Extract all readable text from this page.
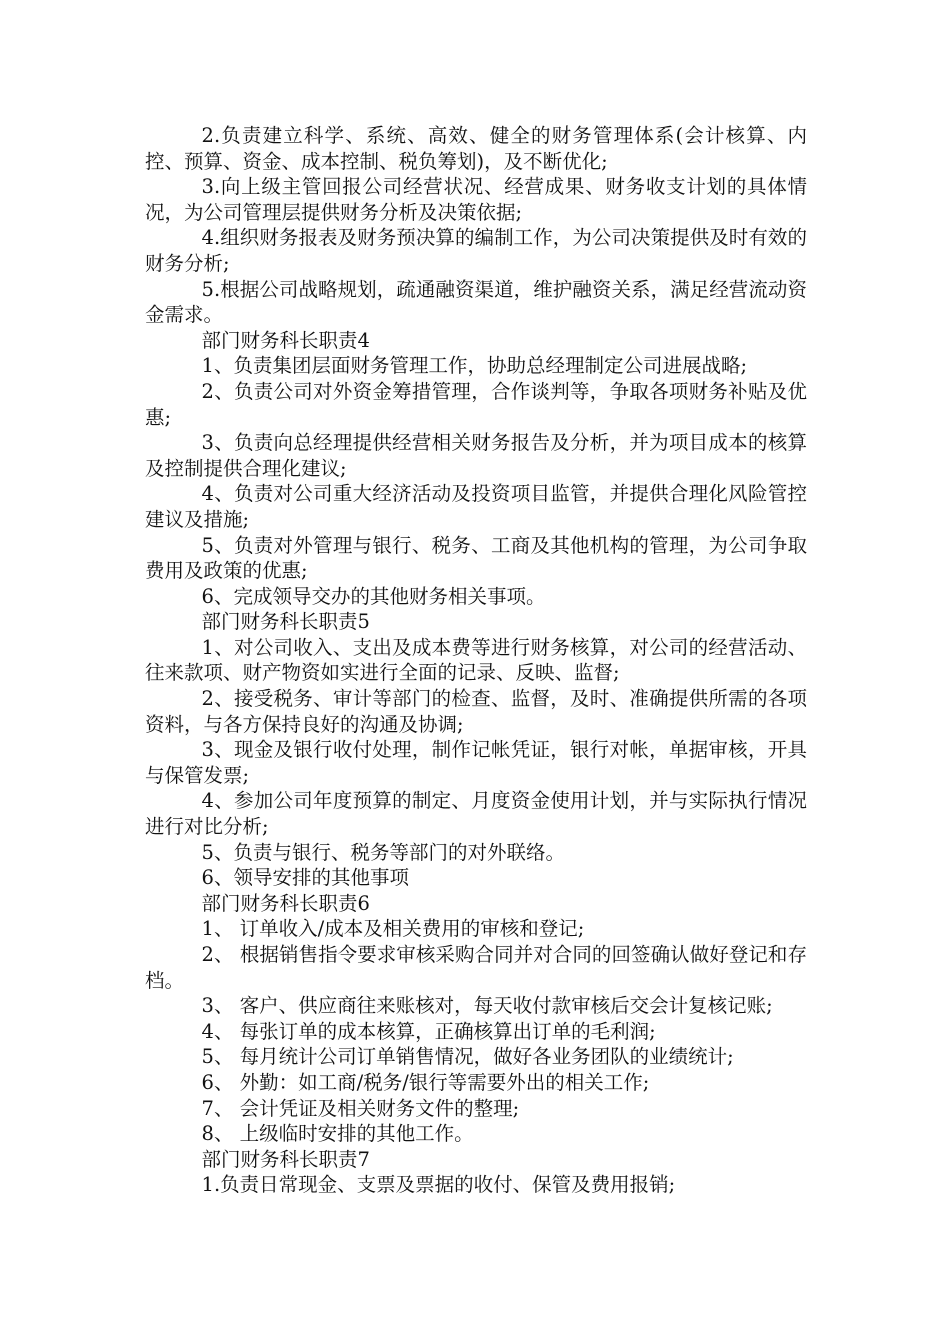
2.负责建立科学、系统、高效、健全的财务管理体系(会计核算、内控、预算、资金、成本控制、税负筹划)，及不断优化;

3.向上级主管回报公司经营状况、经营成果、财务收支计划的具体情况，为公司管理层提供财务分析及决策依据;

4.组织财务报表及财务预决算的编制工作，为公司决策提供及时有效的财务分析;

5.根据公司战略规划，疏通融资渠道，维护融资关系，满足经营流动资金需求。

部门财务科长职责4

1、负责集团层面财务管理工作，协助总经理制定公司进展战略;

2、负责公司对外资金筹措管理，合作谈判等，争取各项财务补贴及优惠;

3、负责向总经理提供经营相关财务报告及分析，并为项目成本的核算及控制提供合理化建议;

4、负责对公司重大经济活动及投资项目监管，并提供合理化风险管控建议及措施;

5、负责对外管理与银行、税务、工商及其他机构的管理，为公司争取费用及政策的优惠;

6、完成领导交办的其他财务相关事项。

部门财务科长职责5

1、对公司收入、支出及成本费等进行财务核算，对公司的经营活动、往来款项、财产物资如实进行全面的记录、反映、监督;

2、接受税务、审计等部门的检查、监督，及时、准确提供所需的各项资料，与各方保持良好的沟通及协调;

3、现金及银行收付处理，制作记帐凭证，银行对帐，单据审核，开具与保管发票;

4、参加公司年度预算的制定、月度资金使用计划，并与实际执行情况进行对比分析;

5、负责与银行、税务等部门的对外联络。

6、领导安排的其他事项

部门财务科长职责6

1、 订单收入/成本及相关费用的审核和登记;

2、 根据销售指令要求审核采购合同并对合同的回签确认做好登记和存档。

3、 客户、供应商往来账核对，每天收付款审核后交会计复核记账;

4、 每张订单的成本核算，正确核算出订单的毛利润;

5、 每月统计公司订单销售情况，做好各业务团队的业绩统计;

6、 外勤：如工商/税务/银行等需要外出的相关工作;

7、 会计凭证及相关财务文件的整理;

8、 上级临时安排的其他工作。

部门财务科长职责7

1.负责日常现金、支票及票据的收付、保管及费用报销;
